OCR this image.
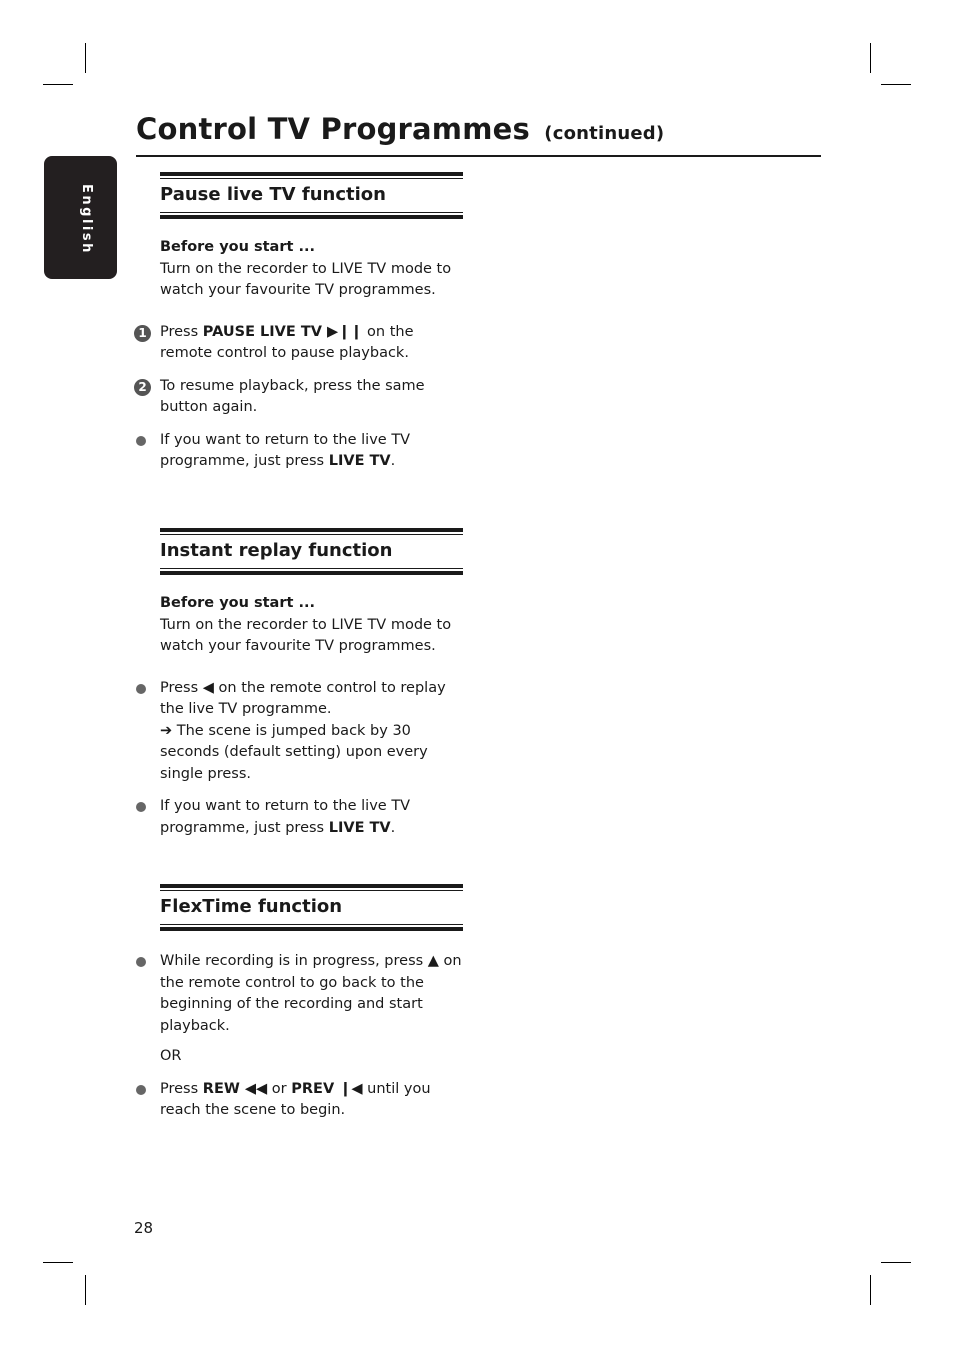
English
Control TV Programmes (continued)
Pause live TV function
Before you start ...
Turn on the recorder to LIVE TV mode to watch your favourite TV programmes.
1 Press PAUSE LIVE TV ▶❙❙ on the remote control to pause playback.
2 To resume playback, press the same button again.
If you want to return to the live TV programme, just press LIVE TV.
Instant replay function
Before you start ...
Turn on the recorder to LIVE TV mode to watch your favourite TV programmes.
Press ◀ on the remote control to replay the live TV programme.
➔ The scene is jumped back by 30 seconds (default setting) upon every single press.
If you want to return to the live TV programme, just press LIVE TV.
FlexTime function
While recording is in progress, press ▲ on the remote control to go back to the beginning of the recording and start playback.
OR
Press REW ◀◀ or PREV ❙◀ until you reach the scene to begin.
28
